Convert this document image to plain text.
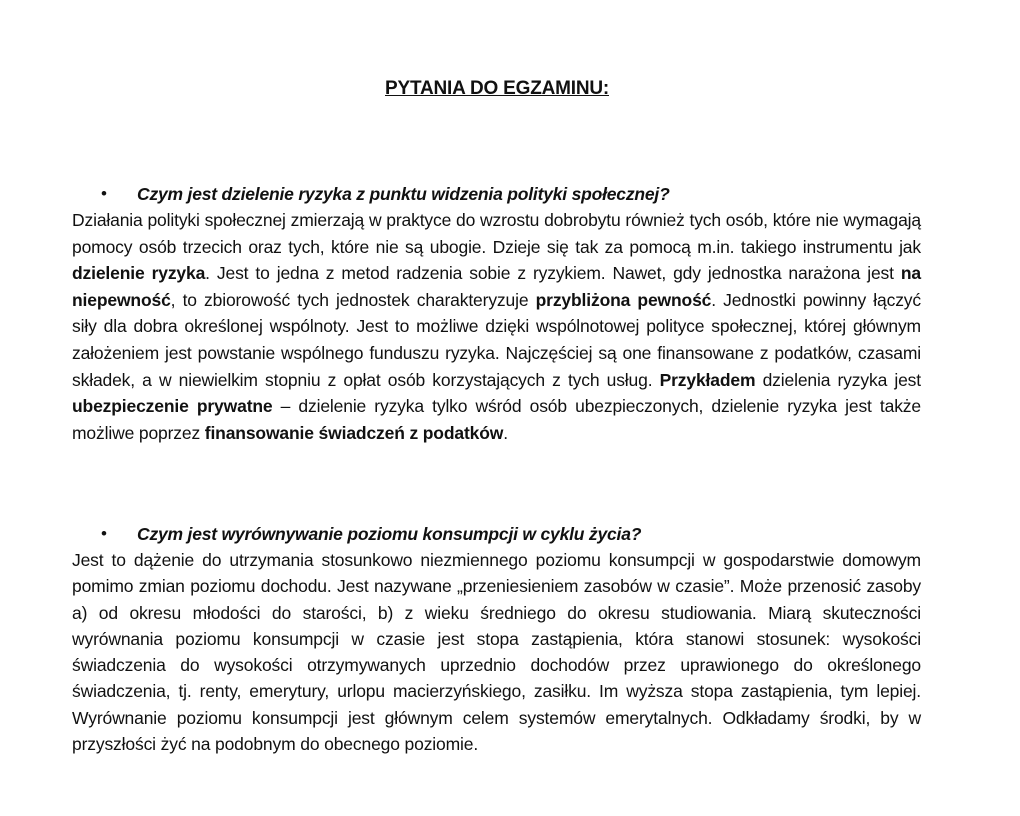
PYTANIA DO EGZAMINU:
• Czym jest dzielenie ryzyka z punktu widzenia polityki społecznej?

Działania polityki społecznej zmierzają w praktyce do wzrostu dobrobytu również tych osób, które nie wymagają pomocy osób trzecich oraz tych, które nie są ubogie. Dzieje się tak za pomocą m.in. takiego instrumentu jak dzielenie ryzyka. Jest to jedna z metod radzenia sobie z ryzykiem. Nawet, gdy jednostka narażona jest na niepewność, to zbiorowość tych jednostek charakteryzuje przybliżona pewność. Jednostki powinny łączyć siły dla dobra określonej wspólnoty. Jest to możliwe dzięki wspólnotowej polityce społecznej, której głównym założeniem jest powstanie wspólnego funduszu ryzyka. Najczęściej są one finansowane z podatków, czasami składek, a w niewielkim stopniu z opłat osób korzystających z tych usług. Przykładem dzielenia ryzyka jest ubezpieczenie prywatne – dzielenie ryzyka tylko wśród osób ubezpieczonych, dzielenie ryzyka jest także możliwe poprzez finansowanie świadczeń z podatków.

• Czym jest wyrównywanie poziomu konsumpcji w cyklu życia?

Jest to dążenie do utrzymania stosunkowo niezmiennego poziomu konsumpcji w gospodarstwie domowym pomimo zmian poziomu dochodu. Jest nazywane „przeniesieniem zasobów w czasie”. Może przenosić zasoby a) od okresu młodości do starości, b) z wieku średniego do okresu studiowania. Miarą skuteczności wyrównania poziomu konsumpcji w czasie jest stopa zastąpienia, która stanowi stosunek: wysokości świadczenia do wysokości otrzymywanych uprzednio dochodów przez uprawionego do określonego świadczenia, tj. renty, emerytury, urlopu macierzyńskiego, zasiłku. Im wyższa stopa zastąpienia, tym lepiej. Wyrównanie poziomu konsumpcji jest głównym celem systemów emerytalnych. Odkładamy środki, by w przyszłości żyć na podobnym do obecnego poziomie.
